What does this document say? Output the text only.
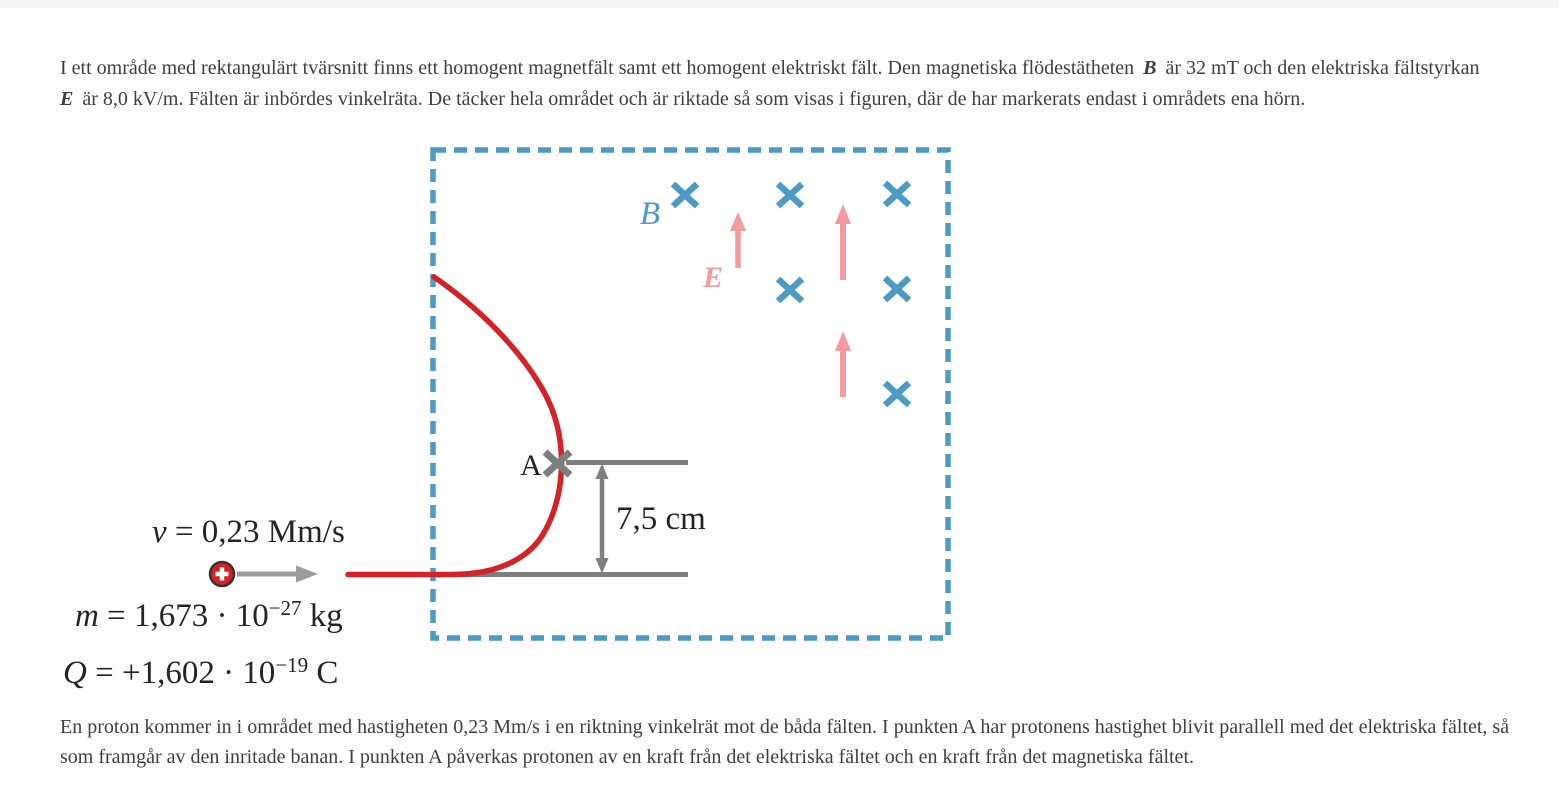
I ett område med rektangulärt tvärsnitt finns ett homogent magnetfält samt ett homogent elektriskt fält. Den magnetiska flödestätheten B är 32 mT och den elektriska fältstyrkan
E är 8,0 kV/m. Fälten är inbördes vinkelräta. De täcker hela området och är riktade så som visas i figuren, där de har markerats endast i områdets ena hörn.
B
E
A
7,5 cm
v = 0,23 Mm/s
$m = 1,673 \cdot 10^{-27}$ kg
$Q = +1,602 \cdot 10^{-19}$ C
En proton kommer in i området med hastigheten 0,23 Mm/s i en riktning vinkelrät mot de båda fälten. I punkten A har protonens hastighet blivit parallell med det elektriska fältet, så
som framgår av den inritade banan. I punkten A påverkas protonen av en kraft från det elektriska fältet och en kraft från det magnetiska fältet.
